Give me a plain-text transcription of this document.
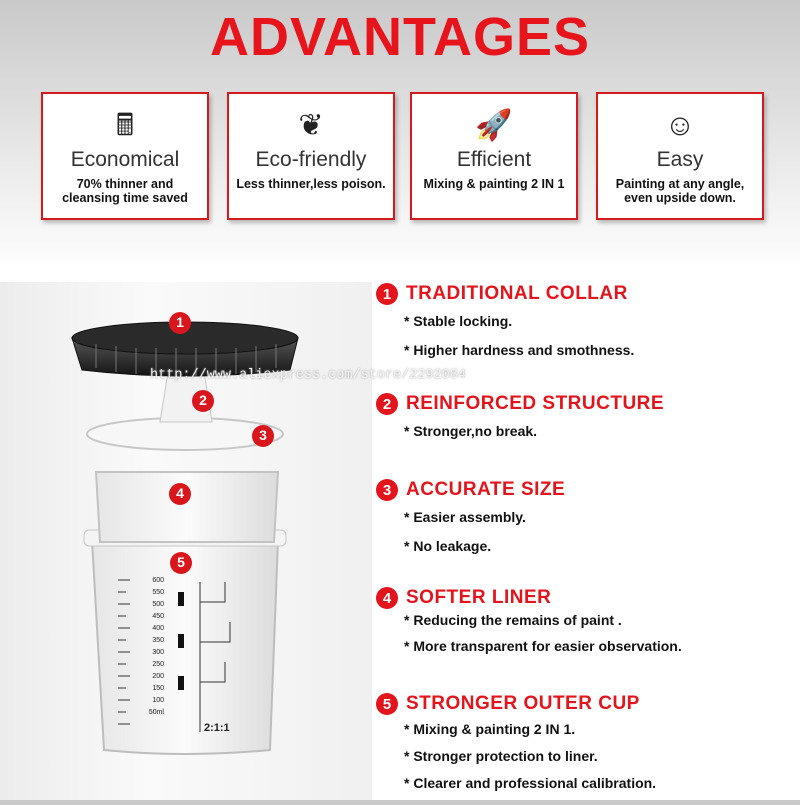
ADVANTAGES
🖩
Economical
70% thinner and cleansing time saved
❦
Eco-friendly
Less thinner,less poison.
🚀
Efficient
Mixing & painting 2 IN 1
☺
Easy
Painting at any angle, even upside down.
1
2
3
4
5
600
550
500
450
400
350
300
250
200
150
100
50ml
2:1:1
http://www.aliexpress.com/store/2292084
1 TRADITIONAL COLLAR
* Stable locking.
* Higher hardness and smothness.
2 REINFORCED STRUCTURE
* Stronger,no break.
3 ACCURATE SIZE
* Easier assembly.
* No leakage.
4 SOFTER LINER
* Reducing the remains of paint .
* More transparent for easier observation.
5 STRONGER OUTER CUP
* Mixing & painting 2 IN 1.
* Stronger protection to liner.
* Clearer and professional calibration.
